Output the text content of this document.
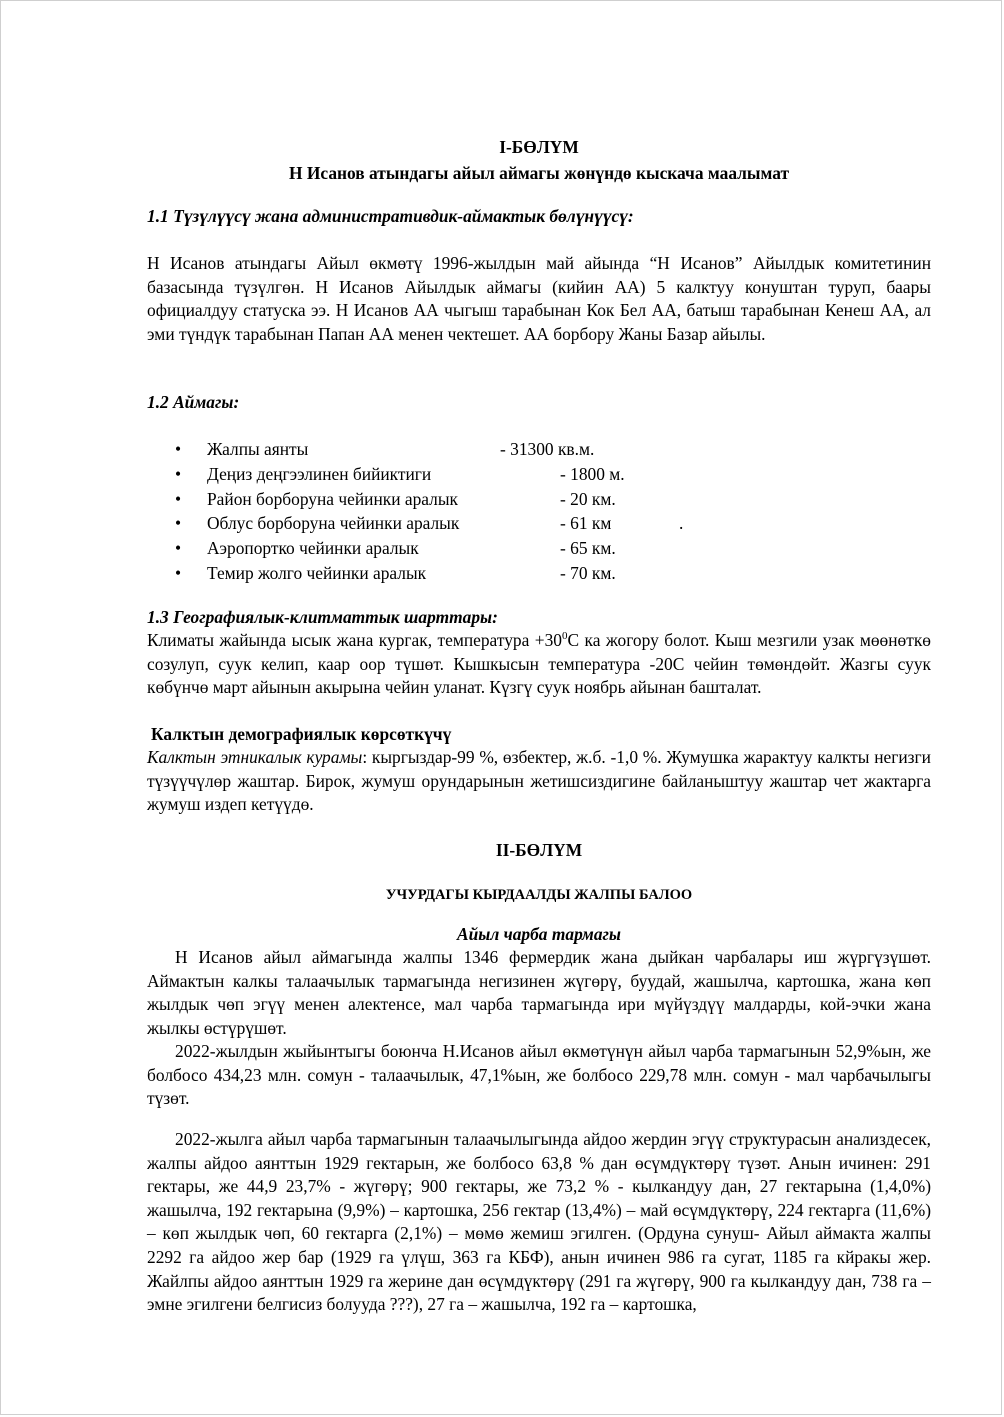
I-БӨЛҮМ
Н Исанов атындагы айыл аймагы жөнүндө кыскача маалымат
1.1 Түзүлүүсү жана административдик-аймактык бөлүнүүсү:

Н Исанов атындагы Айыл өкмөтү 1996-жылдын май айында “Н Исанов” Айылдык комитетинин базасында түзүлгөн. Н Исанов Айылдык аймагы (кийин АА) 5 калктуу конуштан туруп, баары официалдуу статуска ээ. Н Исанов АА чыгыш тарабынан Кок Бел АА, батыш тарабынан Кенеш АА, ал эми түндүк тарабынан Папан АА менен чектешет. АА борбору Жаны Базар айылы.

1.2 Аймагы:
• Жалпы аянты	- 31300 кв.м.
• Деңиз деңгээлинен бийиктиги	- 1800 м.
• Район борборуна чейинки аралык	- 20 км.
• Облус борборуна чейинки аралык	- 61 км	.
• Аэропортко чейинки аралык	- 65 км.
• Темир жолго чейинки аралык	- 70 км.
1.3 Географиялык-клитматтык шарттары:

Климаты жайында ысык жана кургак, температура $+30^0С$ ка жогору болот. Кыш мезгили узак мөөнөткө созулуп, суук келип, каар оор түшөт. Кышкысын температура -20С чейин төмөндөйт. Жазгы суук көбүнчө март айынын акырына чейин уланат. Күзгү суук ноябрь айынан башталат.

Калктын демографиялык көрсөткүчү

Калктын этникалык курамы: кыргыздар-99 %, өзбектер, ж.б. -1,0 %. Жумушка жарактуу калкты негизги түзүүчүлөр жаштар. Бирок, жумуш орундарынын жетишсиздигине байланыштуу жаштар чет жактарга жумуш издеп кетүүдө.

II-БӨЛҮМ
УЧУРДАГЫ КЫРДААЛДЫ ЖАЛПЫ БАЛОО
Айыл чарба тармагы

Н Исанов айыл аймагында жалпы 1346 фермердик жана дыйкан чарбалары иш жүргүзүшөт. Аймактын калкы талаачылык тармагында негизинен жүгөрү, буудай, жашылча, картошка, жана көп жылдык чөп эгүү менен алектенсе, мал чарба тармагында ири мүйүздүү малдарды, кой-эчки жана жылкы өстүрүшөт.

2022-жылдын жыйынтыгы боюнча Н.Исанов айыл өкмөтүнүн айыл чарба тармагынын 52,9%ын, же болбосо 434,23 млн. сомун - талаачылык, 47,1%ын, же болбосо 229,78 млн. сомун - мал чарбачылыгы түзөт.

2022-жылга айыл чарба тармагынын талаачылыгында айдоо жердин эгүү структурасын анализдесек, жалпы айдоо аянттын 1929 гектарын, же болбосо 63,8 % дан өсүмдүктөрү түзөт. Анын ичинен: 291 гектары, же 44,9 23,7% - жүгөрү; 900 гектары, же 73,2 % - кылкандуу дан, 27 гектарына (1,4,0%) жашылча, 192 гектарына (9,9%) – картошка, 256 гектар (13,4%) – май өсүмдүктөрү, 224 гектарга (11,6%) – көп жылдык чөп, 60 гектарга (2,1%) – мөмө жемиш эгилген. (Ордуна сунуш- Айыл аймакта жалпы 2292 га айдоо жер бар (1929 га үлүш, 363 га КБФ), анын ичинен 986 га сугат, 1185 га кйракы жер. Жайлпы айдоо аянттын 1929 га жерине дан өсүмдүктөрү (291 га жүгөрү, 900 га кылкандуу дан, 738 га – эмне эгилгени белгисиз болууда ???), 27 га – жашылча, 192 га – картошка,
